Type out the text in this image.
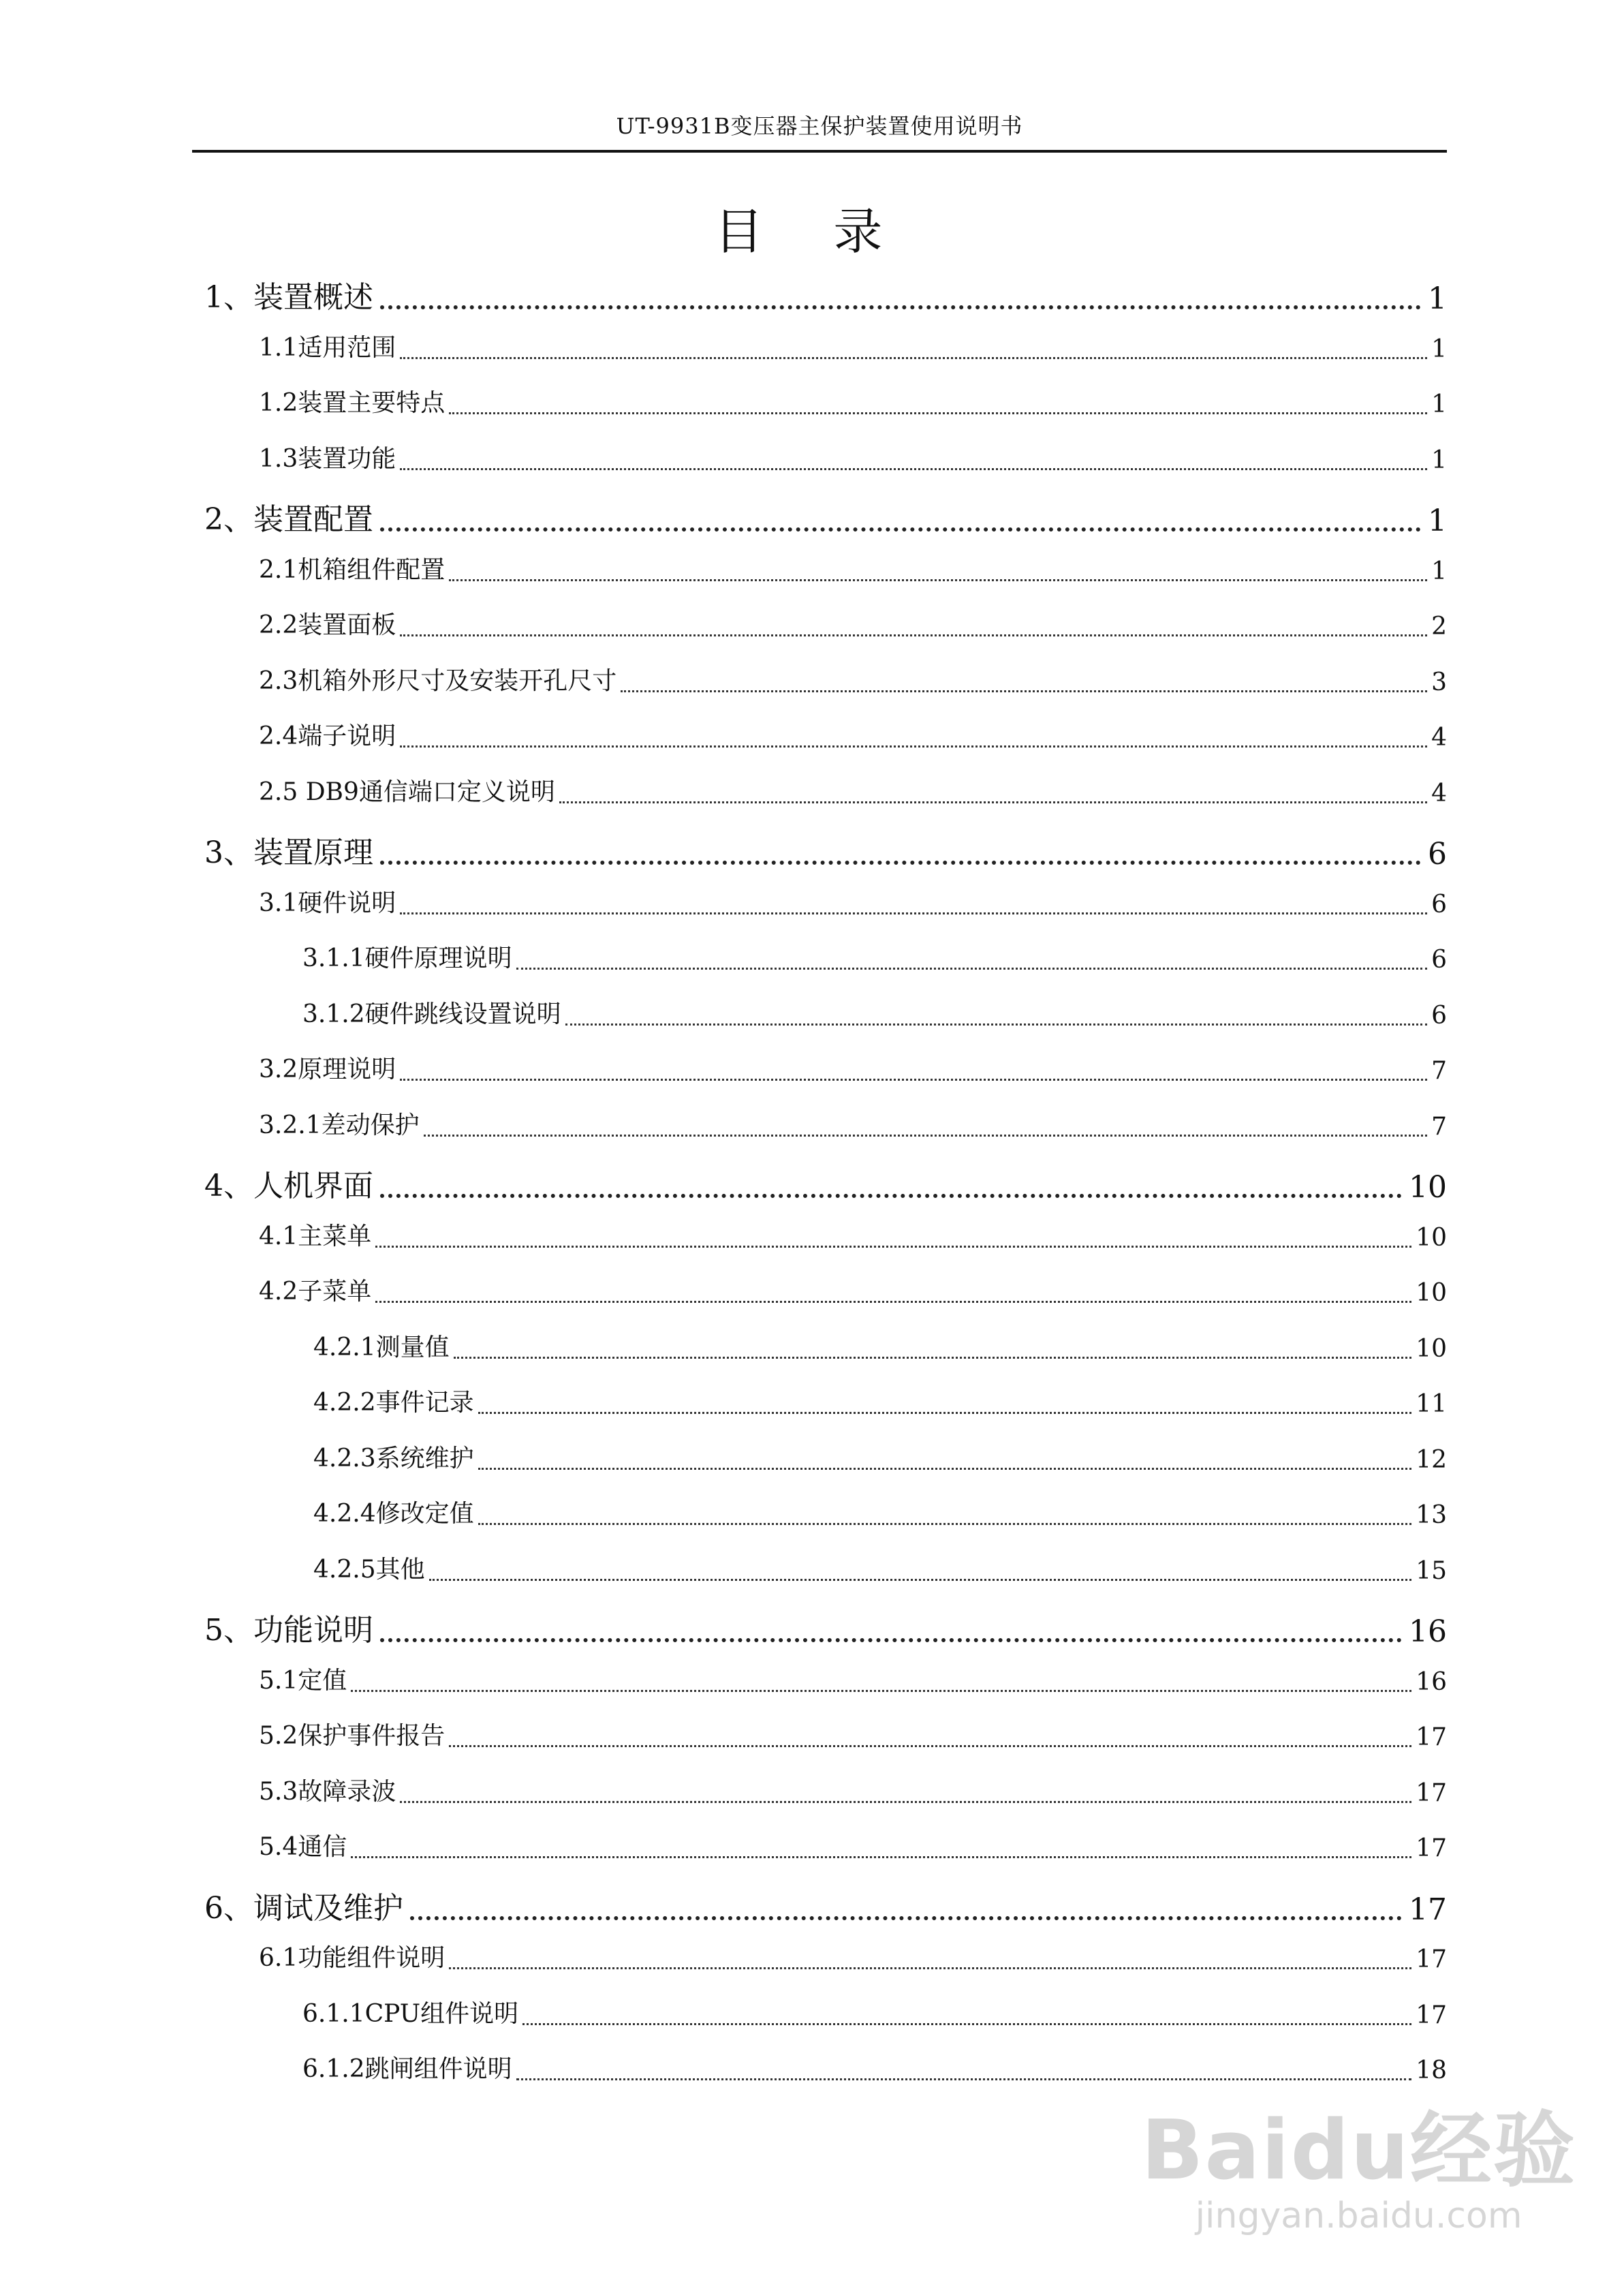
UT-9931B变压器主保护装置使用说明书
目 录
1、装置概述	1
1.1适用范围	1
1.2装置主要特点	1
1.3装置功能	1
2、装置配置	1
2.1机箱组件配置	1
2.2装置面板	2
2.3机箱外形尺寸及安装开孔尺寸	3
2.4端子说明	4
2.5 DB9通信端口定义说明	4
3、装置原理	6
3.1硬件说明	6
3.1.1硬件原理说明	6
3.1.2硬件跳线设置说明	6
3.2原理说明	7
3.2.1差动保护	7
4、人机界面	10
4.1主菜单	10
4.2子菜单	10
4.2.1测量值	10
4.2.2事件记录	11
4.2.3系统维护	12
4.2.4修改定值	13
4.2.5其他	15
5、功能说明	16
5.1定值	16
5.2保护事件报告	17
5.3故障录波	17
5.4通信	17
6、调试及维护	17
6.1功能组件说明	17
6.1.1CPU组件说明	17
6.1.2跳闸组件说明	18
Baidu经验
jingyan.baidu.com
